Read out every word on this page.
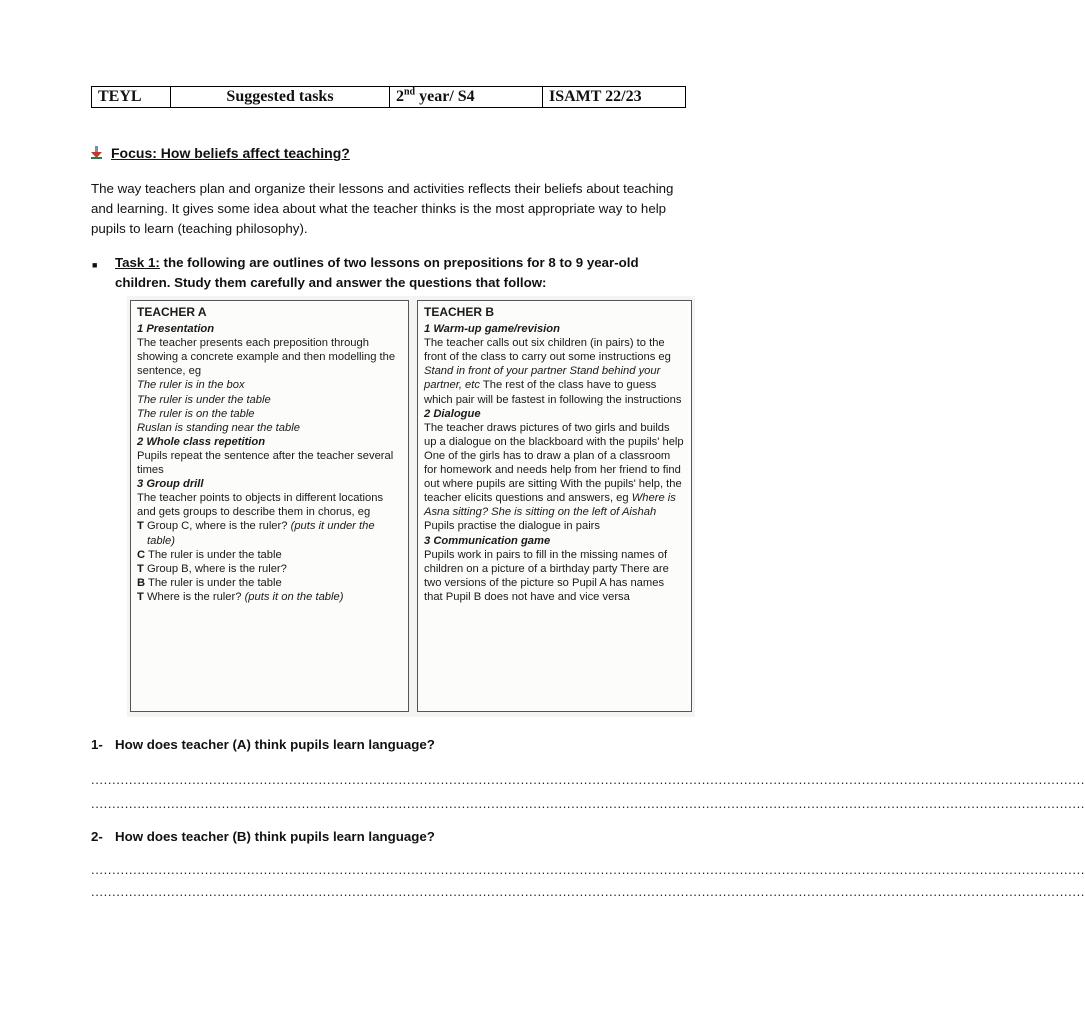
TEYL	Suggested tasks	2nd year/ S4	ISAMT 22/23
Focus: How beliefs affect teaching?
The way teachers plan and organize their lessons and activities reflects their beliefs about teaching and learning. It gives some idea about what the teacher thinks is the most appropriate way to help pupils to learn (teaching philosophy).
■ Task 1: the following are outlines of two lessons on prepositions for 8 to 9 year-old children. Study them carefully and answer the questions that follow:
TEACHER A
1 Presentation

The teacher presents each preposition through showing a concrete example and then modelling the sentence, eg

The ruler is in the box

The ruler is under the table

The ruler is on the table

Ruslan is standing near the table

2 Whole class repetition

Pupils repeat the sentence after the teacher several times

3 Group drill

The teacher points to objects in different locations and gets groups to describe them in chorus, eg

T Group C, where is the ruler? (puts it under the table)

C The ruler is under the table

T Group B, where is the ruler?

B The ruler is under the table

T Where is the ruler? (puts it on the table)

TEACHER B
1 Warm-up game/revision

The teacher calls out six children (in pairs) to the front of the class to carry out some instructions eg Stand in front of your partner Stand behind your partner, etc The rest of the class have to guess which pair will be fastest in following the instructions

2 Dialogue

The teacher draws pictures of two girls and builds up a dialogue on the blackboard with the pupils' help One of the girls has to draw a plan of a classroom for homework and needs help from her friend to find out where pupils are sitting With the pupils' help, the teacher elicits questions and answers, eg Where is Asna sitting? She is sitting on the left of Aishah Pupils practise the dialogue in pairs

3 Communication game

Pupils work in pairs to fill in the missing names of children on a picture of a birthday party There are two versions of the picture so Pupil A has names that Pupil B does not have and vice versa

1- How does teacher (A) think pupils learn language?
............................................................................................................................................................................................................................................
............................................................................................................................................................................................................................................
2- How does teacher (B) think pupils learn language?
............................................................................................................................................................................................................................................
............................................................................................................................................................................................................................................
